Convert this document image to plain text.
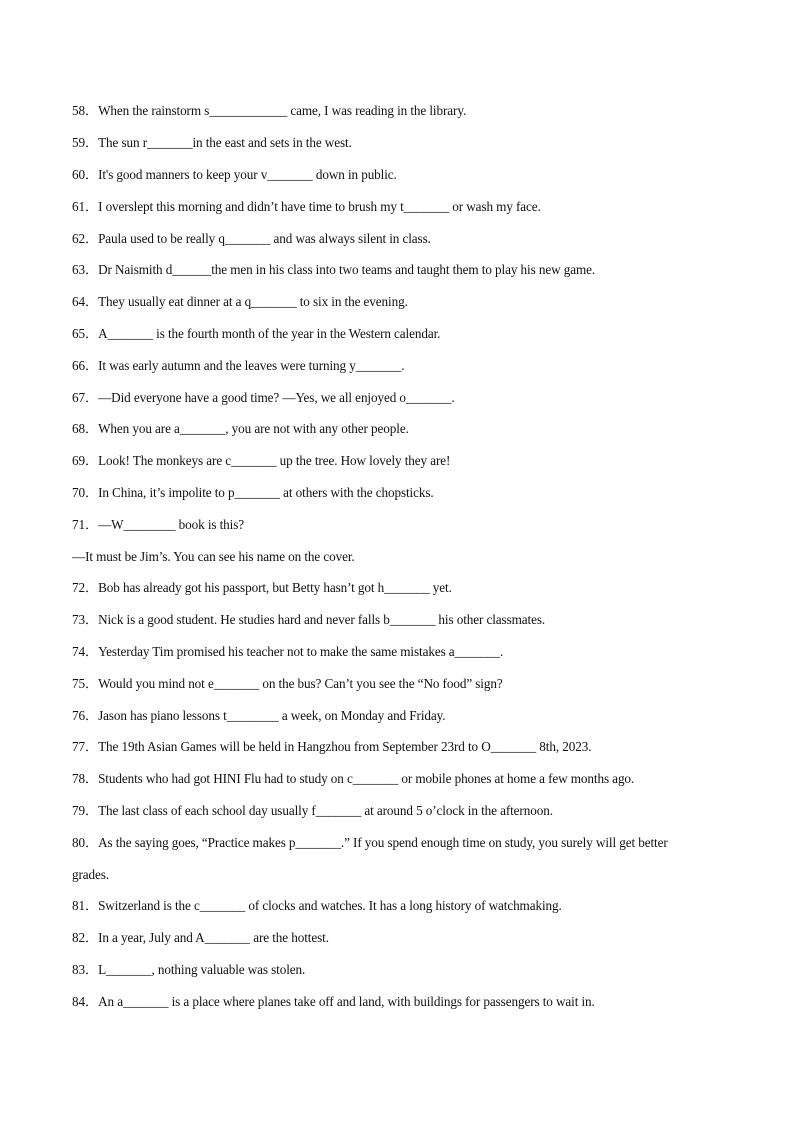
58．When the rainstorm s____________ came, I was reading in the library.
59．The sun r_______in the east and sets in the west.
60．It's good manners to keep your v_______ down in public.
61．I overslept this morning and didn’t have time to brush my t_______ or wash my face.
62．Paula used to be really q_______ and was always silent in class.
63．Dr Naismith d______the men in his class into two teams and taught them to play his new game.
64．They usually eat dinner at a q_______ to six in the evening.
65．A_______ is the fourth month of the year in the Western calendar.
66．It was early autumn and the leaves were turning y_______.
67．—Did everyone have a good time? —Yes, we all enjoyed o_______.
68．When you are a_______, you are not with any other people.
69．Look! The monkeys are c_______ up the tree. How lovely they are!
70．In China, it’s impolite to p_______ at others with the chopsticks.
71．—W________ book is this?
—It must be Jim’s. You can see his name on the cover.
72．Bob has already got his passport, but Betty hasn’t got h_______ yet.
73．Nick is a good student. He studies hard and never falls b_______ his other classmates.
74．Yesterday Tim promised his teacher not to make the same mistakes a_______.
75．Would you mind not e_______ on the bus? Can’t you see the “No food” sign?
76．Jason has piano lessons t________ a week, on Monday and Friday.
77．The 19th Asian Games will be held in Hangzhou from September 23rd to O_______ 8th, 2023.
78．Students who had got HINI Flu had to study on c_______ or mobile phones at home a few months ago.
79．The last class of each school day usually f_______ at around 5 o’clock in the afternoon.
80．As the saying goes, “Practice makes p_______.” If you spend enough time on study, you surely will get better
grades.
81．Switzerland is the c_______ of clocks and watches. It has a long history of watchmaking.
82．In a year, July and A_______ are the hottest.
83．L_______, nothing valuable was stolen.
84．An a_______ is a place where planes take off and land, with buildings for passengers to wait in.
